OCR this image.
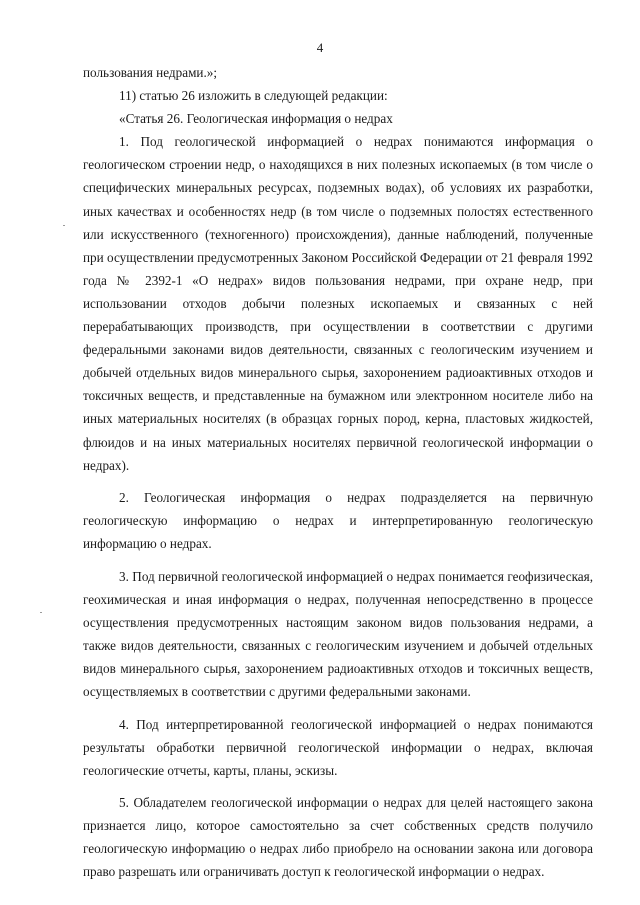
4

пользования недрами.»;

11) статью 26 изложить в следующей редакции:

«Статья 26. Геологическая информация о недрах

1. Под геологической информацией о недрах понимаются информация о геологическом строении недр, о находящихся в них полезных ископаемых (в том числе о специфических минеральных ресурсах, подземных водах), об условиях их разработки, иных качествах и особенностях недр (в том числе о подземных полостях естественного или искусственного (техногенного) происхождения), данные наблюдений, полученные при осуществлении предусмотренных Законом Российской Федерации от 21 февраля 1992 года № 2392-1 «О недрах» видов пользования недрами, при охране недр, при использовании отходов добычи полезных ископаемых и связанных с ней перерабатывающих производств, при осуществлении в соответствии с другими федеральными законами видов деятельности, связанных с геологическим изучением и добычей отдельных видов минерального сырья, захоронением радиоактивных отходов и токсичных веществ, и представленные на бумажном или электронном носителе либо на иных материальных носителях (в образцах горных пород, керна, пластовых жидкостей, флюидов и на иных материальных носителях первичной геологической информации о недрах).

2. Геологическая информация о недрах подразделяется на первичную геологическую информацию о недрах и интерпретированную геологическую информацию о недрах.

3. Под первичной геологической информацией о недрах понимается геофизическая, геохимическая и иная информация о недрах, полученная непосредственно в процессе осуществления предусмотренных настоящим законом видов пользования недрами, а также видов деятельности, связанных с геологическим изучением и добычей отдельных видов минерального сырья, захоронением радиоактивных отходов и токсичных веществ, осуществляемых в соответствии с другими федеральными законами.

4. Под интерпретированной геологической информацией о недрах понимаются результаты обработки первичной геологической информации о недрах, включая геологические отчеты, карты, планы, эскизы.

5. Обладателем геологической информации о недрах для целей настоящего закона признается лицо, которое самостоятельно за счет собственных средств получило геологическую информацию о недрах либо приобрело на основании закона или договора право разрешать или ограничивать доступ к геологической информации о недрах.
